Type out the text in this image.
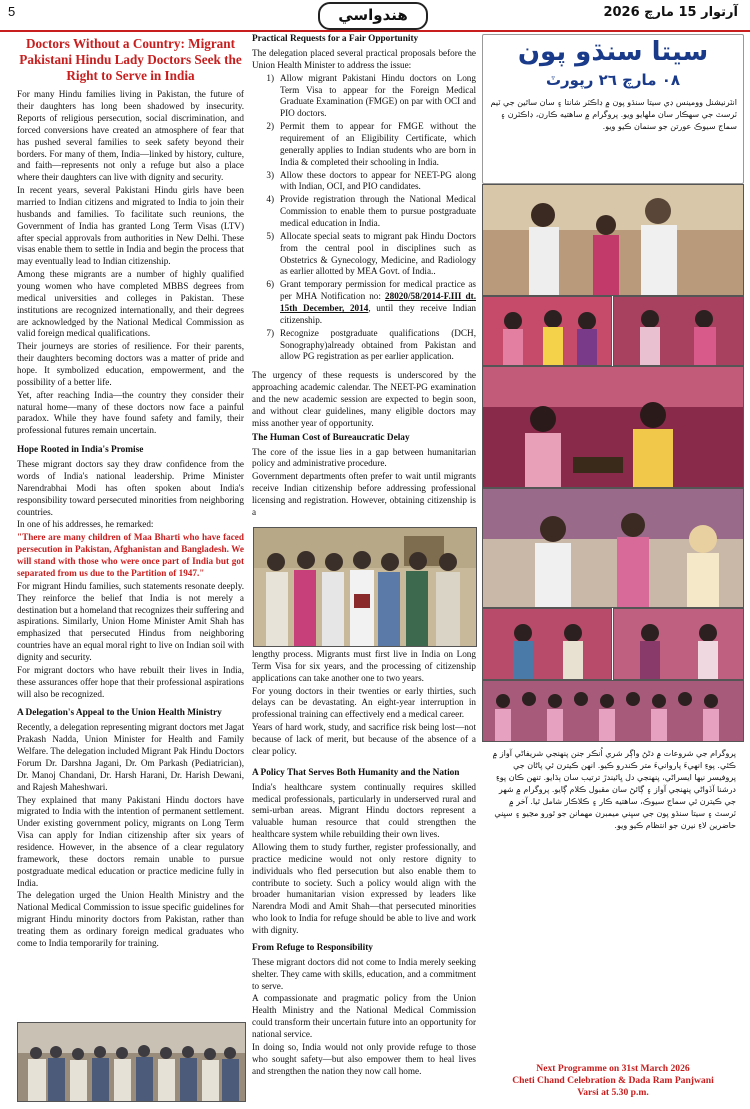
5	هندواسي	آرتوار 15 مارچ 2026
Doctors Without a Country: Migrant Pakistani Hindu Lady Doctors Seek the Right to Serve in India

For many Hindu families living in Pakistan, the future of their daughters has long been shadowed by insecurity. Reports of religious persecution, social discrimination, and forced conversions have created an atmosphere of fear that has pushed several families to seek safety beyond their borders. For many of them, India—linked by history, culture, and faith—represents not only a refuge but also a place where their daughters can live with dignity and security.

In recent years, several Pakistani Hindu girls have been married to Indian citizens and migrated to India to join their husbands and families. To facilitate such reunions, the Government of India has granted Long Term Visas (LTV) after special approvals from authorities in New Delhi. These visas enable them to settle in India and begin the process that may eventually lead to Indian citizenship.

Among these migrants are a number of highly qualified young women who have completed MBBS degrees from medical universities and colleges in Pakistan. These institutions are recognized internationally, and their degrees are acknowledged by the National Medical Commission as valid foreign medical qualifications.

Their journeys are stories of resilience. For their parents, their daughters becoming doctors was a matter of pride and hope. It symbolized education, empowerment, and the possibility of a better life.

Yet, after reaching India—the country they consider their natural home—many of these doctors now face a painful paradox. While they have found safety and family, their professional futures remain uncertain.

Hope Rooted in India's Promise

These migrant doctors say they draw confidence from the words of India's national leadership. Prime Minister Narendrabhai Modi has often spoken about India's responsibility toward persecuted minorities from neighboring countries.

In one of his addresses, he remarked:

"There are many children of Maa Bharti who have faced persecution in Pakistan, Afghanistan and Bangladesh. We will stand with those who were once part of India but got separated from us due to the Partition of 1947."

For migrant Hindu families, such statements resonate deeply. They reinforce the belief that India is not merely a destination but a homeland that recognizes their suffering and aspirations. Similarly, Union Home Minister Amit Shah has emphasized that persecuted Hindus from neighboring countries have an equal moral right to live on Indian soil with dignity and security.

For migrant doctors who have rebuilt their lives in India, these assurances offer hope that their professional aspirations will also be recognized.

A Delegation's Appeal to the Union Health Ministry

Recently, a delegation representing migrant doctors met Jagat Prakash Nadda, Union Minister for Health and Family Welfare. The delegation included Migrant Pak Hindu Doctors Forum Dr. Darshna Jagani, Dr. Om Parkash (Pediatrician), Dr. Manoj Chandani, Dr. Harsh Harani, Dr. Harish Dewani, and Rajesh Maheshwari.

They explained that many Pakistani Hindu doctors have migrated to India with the intention of permanent settlement. Under existing government policy, migrants on Long Term Visa can apply for Indian citizenship after six years of residence. However, in the absence of a clear regulatory framework, these doctors remain unable to pursue postgraduate medical education or practice medicine fully in India.

The delegation urged the Union Health Ministry and the National Medical Commission to issue specific guidelines for migrant Hindu minority doctors from Pakistan, rather than treating them as ordinary foreign medical graduates who come to India temporarily for training.

Practical Requests for a Fair Opportunity

The delegation placed several practical proposals before the Union Health Minister to address the issue:

1) Allow migrant Pakistani Hindu doctors on Long Term Visa to appear for the Foreign Medical Graduate Examination (FMGE) on par with OCI and PIO doctors.
2) Permit them to appear for FMGE without the requirement of an Eligibility Certificate, which generally applies to Indian students who are born in India & completed their schooling in India.
3) Allow these doctors to appear for NEET-PG along with Indian, OCI, and PIO candidates.
4) Provide registration through the National Medical Commission to enable them to pursue postgraduate medical education in India.
5) Allocate special seats to migrant pak Hindu Doctors from the central pool in disciplines such as Obstetrics & Gynecology, Medicine, and Radiology as earlier allotted by MEA Govt. of India..
6) Grant temporary permission for medical practice as per MHA Notification no: 28020/58/2014-F.III dt. 15th December, 2014, until they receive Indian citizenship.
7) Recognize postgraduate qualifications (DCH, Sonography)already obtained from Pakistan and allow PG registration as per earlier application.

The urgency of these requests is underscored by the approaching academic calendar. The NEET-PG examination and the new academic session are expected to begin soon, and without clear guidelines, many eligible doctors may miss another year of opportunity.

The Human Cost of Bureaucratic Delay

The core of the issue lies in a gap between humanitarian policy and administrative procedure.

Government departments often prefer to wait until migrants receive Indian citizenship before addressing professional licensing and registration. However, obtaining citizenship is a

lengthy process. Migrants must first live in India on Long Term Visa for six years, and the processing of citizenship applications can take another one to two years.

For young doctors in their twenties or early thirties, such delays can be devastating. An eight-year interruption in professional training can effectively end a medical career.

Years of hard work, study, and sacrifice risk being lost—not because of lack of merit, but because of the absence of a clear policy.

A Policy That Serves Both Humanity and the Nation

India's healthcare system continually requires skilled medical professionals, particularly in underserved rural and semi-urban areas. Migrant Hindu doctors represent a valuable human resource that could strengthen the healthcare system while rebuilding their own lives.

Allowing them to study further, register professionally, and practice medicine would not only restore dignity to individuals who fled persecution but also enable them to contribute to society. Such a policy would align with the broader humanitarian vision expressed by leaders like Narendra Modi and Amit Shah—that persecuted minorities who look to India for refuge should be able to live and work with dignity.

From Refuge to Responsibility

These migrant doctors did not come to India merely seeking shelter. They came with skills, education, and a commitment to serve.

A compassionate and pragmatic policy from the Union Health Ministry and the National Medical Commission could transform their uncertain future into an opportunity for national service.

In doing so, India would not only provide refuge to those who sought safety—but also empower them to heal lives and strengthen the nation they now call home.

سيتا سنڌو پون
۰۸ مارچ ٢٦ رپورٽ
انٽرنيشنل وومينس ڊي سيتا سنڌو پون ۾ ڊاڪٽر شانتا ۽ سان ساٿين جي ٽيم ٽرسٽ جي سهڪار سان ملهايو ويو. پروگرام ۾ ساهتيه ڪارن، ڊاڪٽرن ۽ سماج سيوڪ عورتن جو سنمان ڪيو ويو.
پروگرام جي شروعات ۾ دڻڻ واڳر شري اُنڪر جنن پنهنجي شريفاڻي آواز ۾ ڪئي. پوءِ انهيءَ پاروانيءَ متر ڪندرو ڪيو. انهن ڪيترن ئي پاڻان جي پروفيسر نيها ايسراڻي، پنهنجي دل ڀائيندڙ ترتيب سان ٻڌايو. تنهن ڪان پوءِ درشنا آڏواڻي پنهنجي آواز ۽ ڳائڻ سان مقبول ڪلام ڳايو. پروگرام ۾ شهر جي ڪيترن ئي سماج سيوڪ، ساهتيه ڪار ۽ ڪلاڪار شامل ٿيا. آخر ۾ ٽرسٽ ۽ سيتا سنڌو پون جي سڀني ميمبرن مهمانن جو ٿورو مڃيو ۽ سڀني حاضرين لاءِ نيرن جو انتظام ڪيو ويو.
Next Programme on 31st March 2026
Cheti Chand Celebration & Dada Ram Panjwani
Varsi at 5.30 p.m.
